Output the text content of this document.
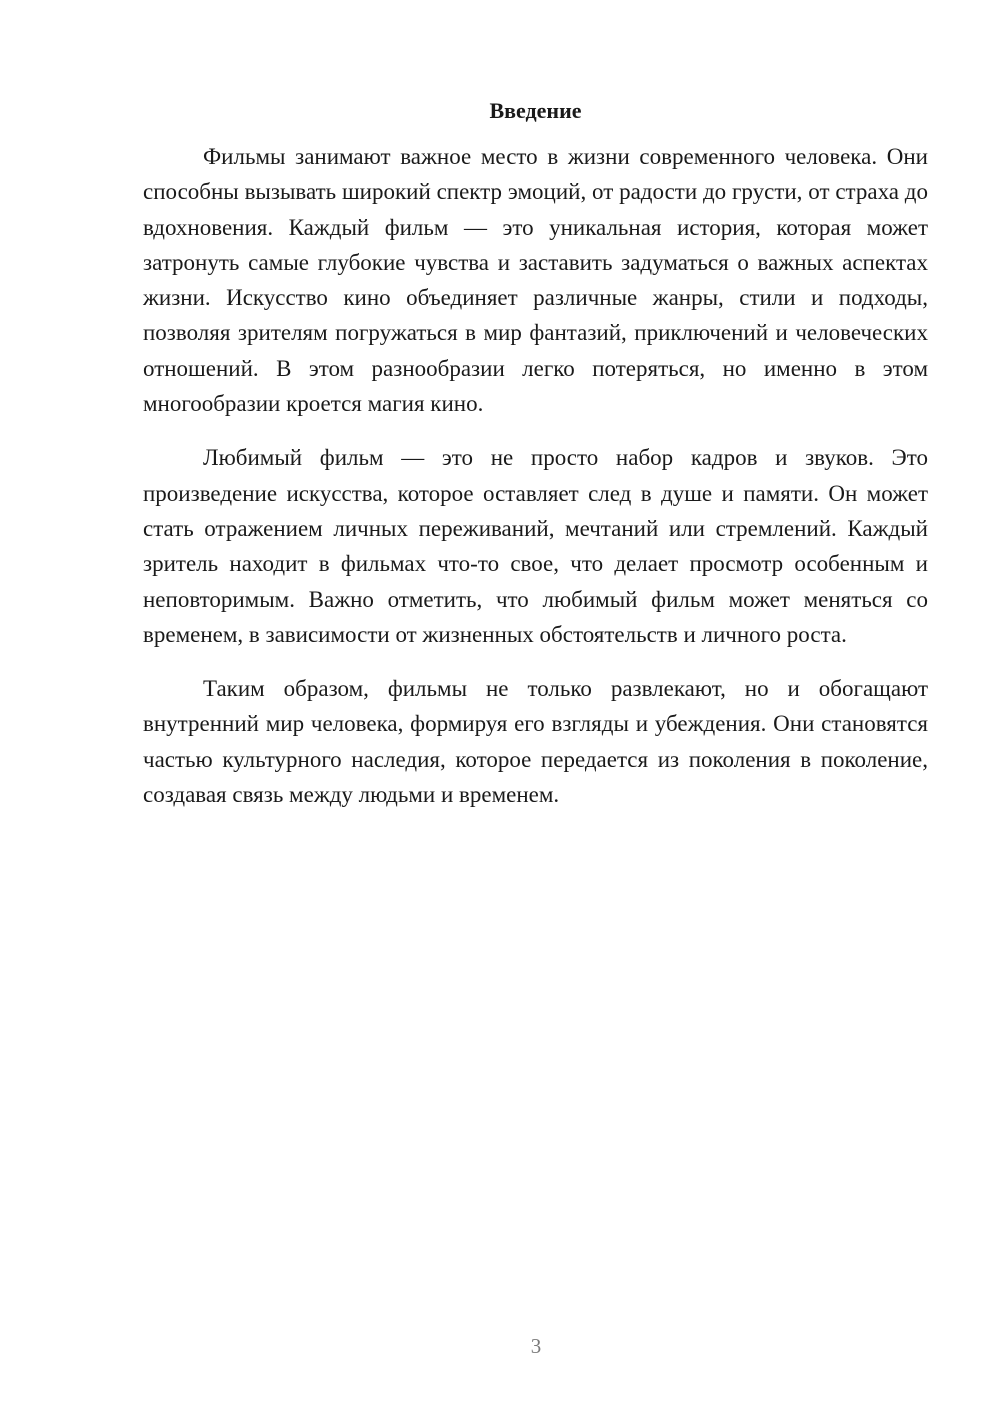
Введение

Фильмы занимают важное место в жизни современного человека. Они способны вызывать широкий спектр эмоций, от радости до грусти, от страха до вдохновения. Каждый фильм — это уникальная история, которая может затронуть самые глубокие чувства и заставить задуматься о важных аспектах жизни. Искусство кино объединяет различные жанры, стили и подходы, позволяя зрителям погружаться в мир фантазий, приключений и человеческих отношений. В этом разнообразии легко потеряться, но именно в этом многообразии кроется магия кино.

Любимый фильм — это не просто набор кадров и звуков. Это произведение искусства, которое оставляет след в душе и памяти. Он может стать отражением личных переживаний, мечтаний или стремлений. Каждый зритель находит в фильмах что-то свое, что делает просмотр особенным и неповторимым. Важно отметить, что любимый фильм может меняться со временем, в зависимости от жизненных обстоятельств и личного роста.

Таким образом, фильмы не только развлекают, но и обогащают внутренний мир человека, формируя его взгляды и убеждения. Они становятся частью культурного наследия, которое передается из поколения в поколение, создавая связь между людьми и временем.

3
